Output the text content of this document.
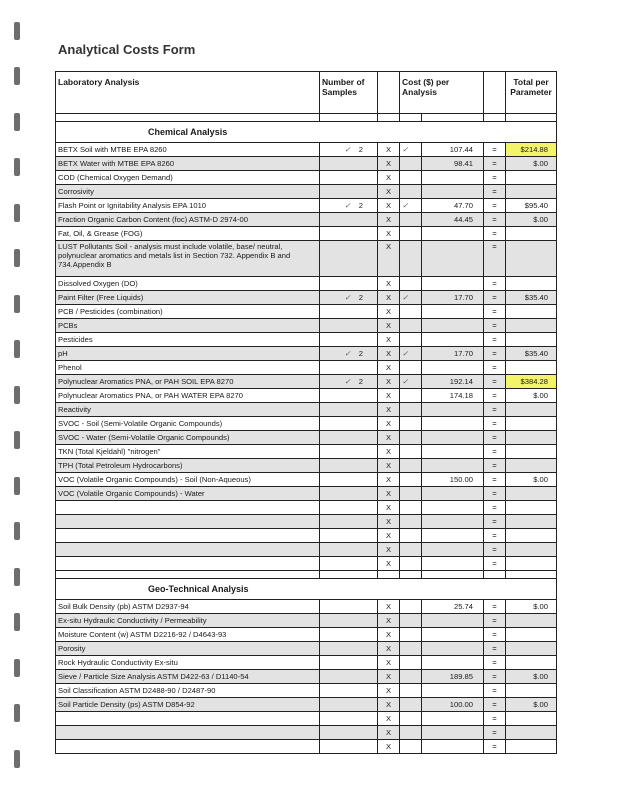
Analytical Costs Form
Laboratory Analysis	Number of Samples		Cost ($) per Analysis			Total per Parameter

Chemical Analysis						
BETX Soil with MTBE EPA 8260	✓ 2	X	✓	107.44	=	$214.88
BETX Water with MTBE EPA 8260		X		98.41	=	$.00
COD (Chemical Oxygen Demand)		X			=	
Corrosivity		X			=	
Flash Point or Ignitability Analysis EPA 1010	✓ 2	X	✓	47.70	=	$95.40
Fraction Organic Carbon Content (foc) ASTM-D 2974-00		X		44.45	=	$.00
Fat, Oil, & Grease (FOG)		X			=	
LUST Pollutants Soil - analysis must include volatile, base/ neutral, polynuclear aromatics and metals list in Section 732. Appendix B and 734.Appendix B		X			=	
Dissolved Oxygen (DO)		X			=	
Paint Filter (Free Liquids)	✓ 2	X	✓	17.70	=	$35.40
PCB / Pesticides (combination)		X			=	
PCBs		X			=	
Pesticides		X			=	
pH	✓ 2	X	✓	17.70	=	$35.40
Phenol		X			=	
Polynuclear Aromatics PNA, or PAH SOIL EPA 8270	✓ 2	X	✓	192.14	=	$384.28
Polynuclear Aromatics PNA, or PAH WATER EPA 8270		X		174.18	=	$.00
Reactivity		X			=	
SVOC - Soil (Semi-Volatile Organic Compounds)		X			=	
SVOC - Water (Semi-Volatile Organic Compounds)		X			=	
TKN (Total Kjeldahl) "nitrogen"		X			=	
TPH (Total Petroleum Hydrocarbons)		X			=	
VOC (Volatile Organic Compounds) - Soil (Non-Aqueous)		X		150.00	=	$.00
VOC (Volatile Organic Compounds) - Water		X			=	
		X			=	
		X			=	
		X			=	
		X			=	
		X			=	

Geo-Technical Analysis						
Soil Bulk Density (pb) ASTM D2937-94		X		25.74	=	$.00
Ex-situ Hydraulic Conductivity / Permeability		X			=	
Moisture Content (w) ASTM D2216-92 / D4643-93		X			=	
Porosity		X			=	
Rock Hydraulic Conductivity Ex-situ		X			=	
Sieve / Particle Size Analysis ASTM D422-63 / D1140-54		X		189.85	=	$.00
Soil Classification ASTM D2488-90 / D2487-90		X			=	
Soil Particle Density (ps) ASTM D854-92		X		100.00	=	$.00
		X			=	
		X			=	
		X			=	
